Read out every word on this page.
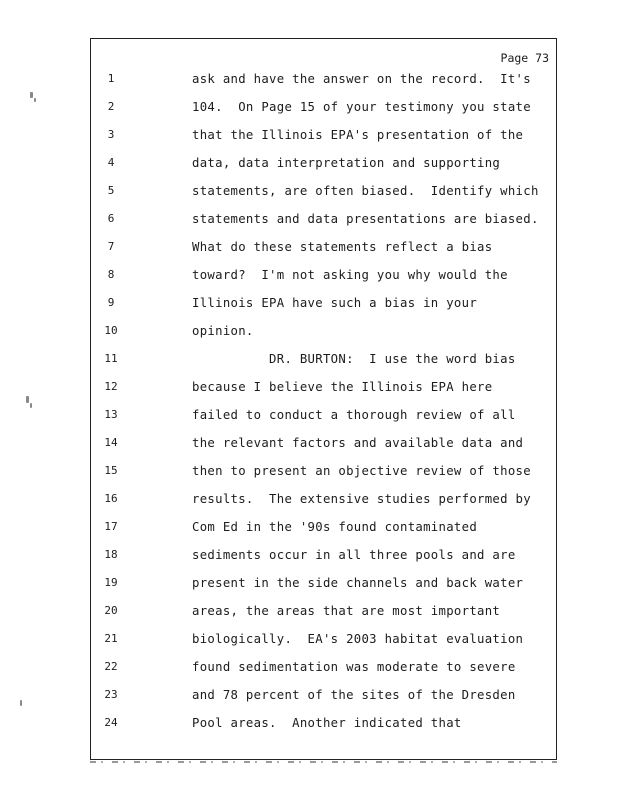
Page 73
1	ask and have the answer on the record.  It's
2	104.  On Page 15 of your testimony you state
3	that the Illinois EPA's presentation of the
4	data, data interpretation and supporting
5	statements, are often biased.  Identify which
6	statements and data presentations are biased.
7	What do these statements reflect a bias
8	toward?  I'm not asking you why would the
9	Illinois EPA have such a bias in your
10	opinion.
11	DR. BURTON:  I use the word bias
12	because I believe the Illinois EPA here
13	failed to conduct a thorough review of all
14	the relevant factors and available data and
15	then to present an objective review of those
16	results.  The extensive studies performed by
17	Com Ed in the '90s found contaminated
18	sediments occur in all three pools and are
19	present in the side channels and back water
20	areas, the areas that are most important
21	biologically.  EA's 2003 habitat evaluation
22	found sedimentation was moderate to severe
23	and 78 percent of the sites of the Dresden
24	Pool areas.  Another indicated that
